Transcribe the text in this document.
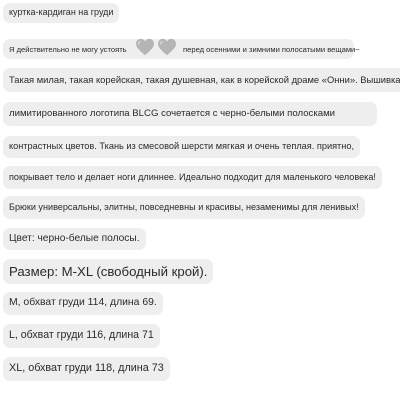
куртка-кардиган на груди
Я действительно не могу устоять	перед осенними и зимними полосатыми вещами~
Такая милая, такая корейская, такая душевная, как в корейской драме «Онни». Вышивка
лимитированного логотипа BLCG сочетается с черно-белыми полосками
контрастных цветов. Ткань из смесовой шерсти мягкая и очень теплая. приятно,
покрывает тело и делает ноги длиннее. Идеально подходит для маленького человека!
Брюки универсальны, элитны, повседневны и красивы, незаменимы для ленивых!
Цвет: черно-белые полосы.
Размер: M-XL (свободный крой).
M, обхват груди 114, длина 69.
L, обхват груди 116, длина 71
XL, обхват груди 118, длина 73
